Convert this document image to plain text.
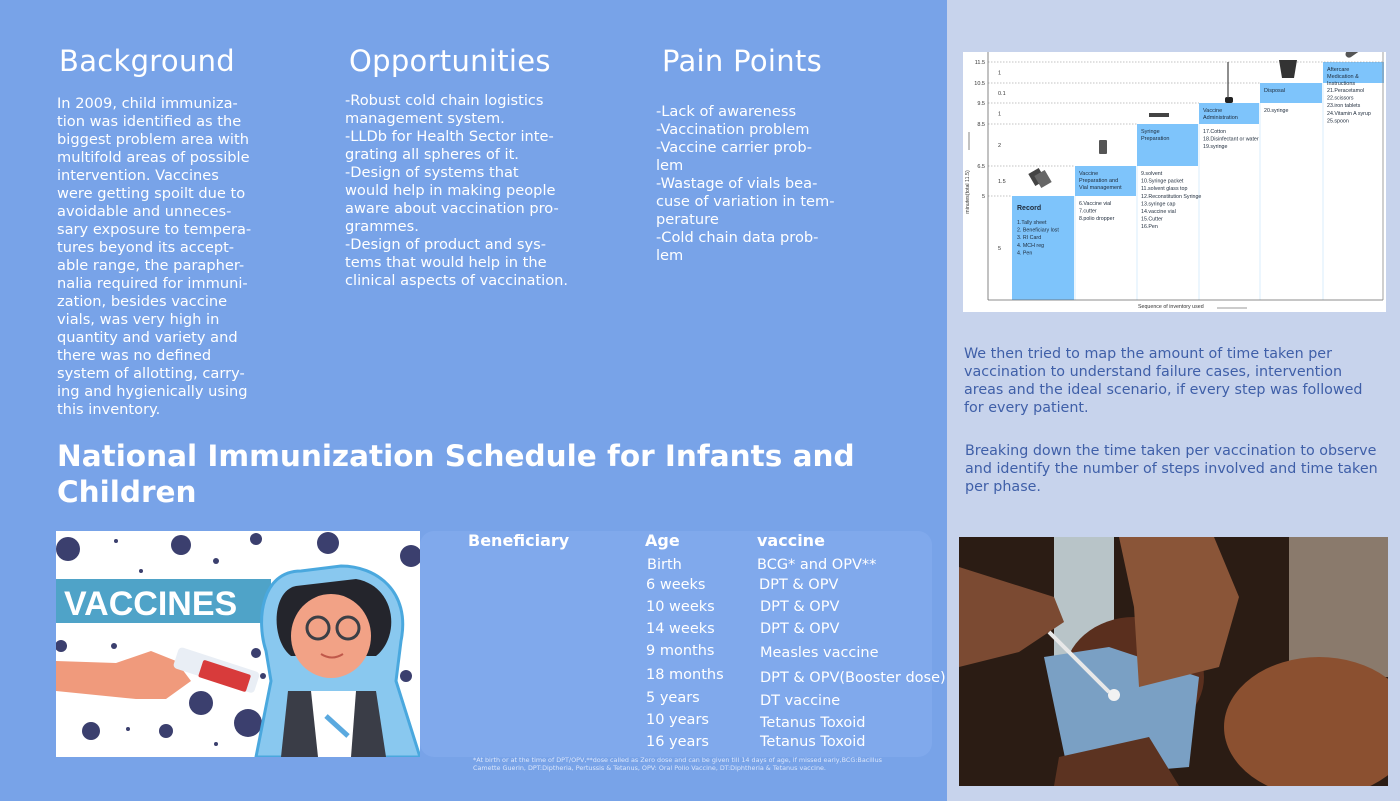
Background

In 2009, child immuniza-
tion was identified as the
biggest problem area with
multifold areas of possible
intervention. Vaccines
were getting spoilt due to
avoidable and unneces-
sary exposure to tempera-
tures beyond its accept-
able range, the parapher-
nalia required for immuni-
zation, besides vaccine
vials, was very high in
quantity and variety and
there was no defined
system of allotting, carry-
ing and hygienically using
this inventory.

Opportunities

-Robust cold chain logistics
management system.
-LLDb for Health Sector inte-
grating all spheres of it.
-Design of systems that
would help in making people
aware about vaccination pro-
grammes.
-Design of product and sys-
tems that would help in the
clinical aspects of vaccination.

Pain Points

-Lack of awareness
-Vaccination problem
-Vaccine carrier prob-
lem
-Wastage of vials bea-
cuse of variation in tem-
perature
-Cold chain data prob-
lem

National Immunization Schedule for Infants and Children
VACCINES
Beneficiary	Age	vaccine
Birth	BCG* and OPV**
6 weeks	DPT & OPV
10 weeks	DPT & OPV
14 weeks	DPT & OPV
9 months	Measles vaccine
18 months	DPT & OPV(Booster dose)
5 years	DT vaccine
10 years	Tetanus Toxoid
16 years	Tetanus Toxoid
*At birth or at the time of DPT/OPV,**dose called as Zero dose and can be given till 14 days of age, if missed early,BCG:Bacillus Camette Guerin, DPT:Diptheria, Pertussis & Tetanus, OPV: Oral Polio Vaccine, DT:Diphtheria & Tetanus vaccine.
Record
1.Tally sheet 2. Beneficiary lost 3. RI Card 4. MCH reg 4. Pen
5
Vaccine Preparation and Vial management
6.Vaccine vial 7.cutter 8.polio dropper
1.5
Syringe Preparation
9.solvent 10.Syringe packet 11.solvent glass top 12.Reconstitution Syringe 13.syringe cap 14.vaccine vial 15.Cutter 16.Pen
2
Vaccine Administration
17.Cotton 18.Disinfectant or water 19.syringe
1
Disposal
20.syringe
0.1
Aftercare Medication & Instructions
21.Peracetamol 22.scissors 23.iron tablets 24.Vitamin A syrup 25.spoon
1
5
6.5
8.5
9.5
10.5
11.5
minutes(total 11.5)
Sequence of inventory used

We then tried to map the amount of time taken per vaccination to understand failure cases, intervention areas and the ideal scenario, if every step was followed for every patient.

Breaking down the time taken per vaccination to observe and identify the number of steps involved and time taken per phase.
